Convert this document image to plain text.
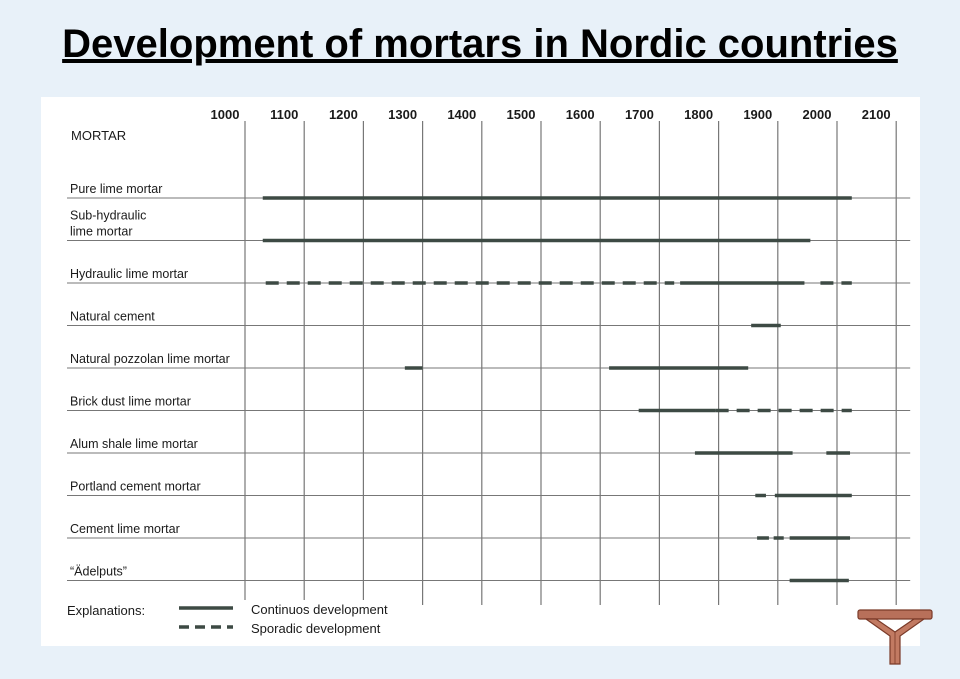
Development of mortars in Nordic countries
1000 1100 1200 1300 1400 1500 1600 1700 1800 1900 2000 2100
MORTAR
Pure lime mortar
Sub-hydraulic
lime mortar
Hydraulic lime mortar
Natural cement
Natural pozzolan lime mortar
Brick dust lime mortar
Alum shale lime mortar
Portland cement mortar
Cement lime mortar
“Ädelputs”
Explanations:	Continuos development
Sporadic development
